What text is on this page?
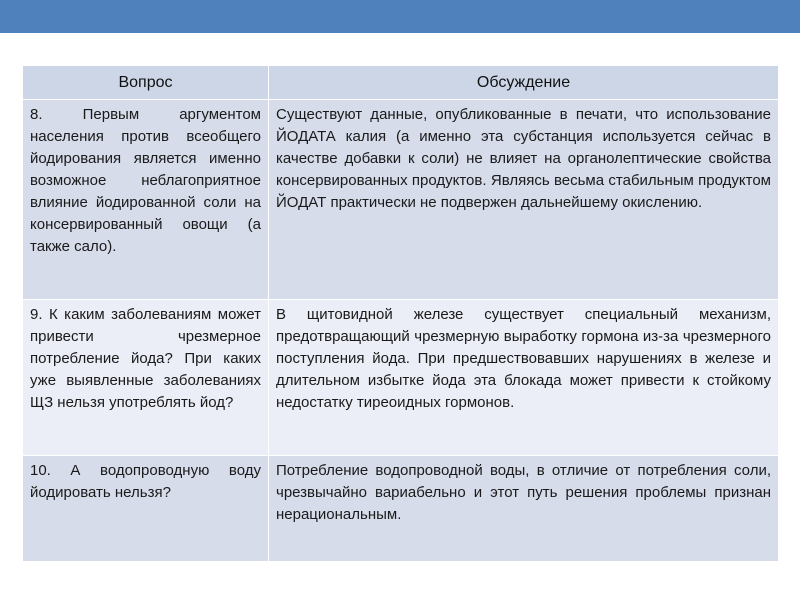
Вопрос	Обсуждение
8. Первым аргументом населения против всеобщего йодирования является именно возможное неблагоприятное влияние йодированной соли на консервированный овощи (а также сало).	Существуют данные, опубликованные в печати, что использование ЙОДАТА калия (а именно эта субстанция используется сейчас в качестве добавки к соли) не влияет на органолептические свойства консервированных продуктов. Являясь весьма стабильным продуктом ЙОДАТ практически не подвержен дальнейшему окислению.
9. К каким заболеваниям может привести чрезмерное потребление йода? При каких уже выявленные заболеваниях ЩЗ нельзя употреблять йод?	В щитовидной железе существует специальный механизм, предотвращающий чрезмерную выработку гормона из-за чрезмерного поступления йода. При предшествовавших нарушениях в железе и длительном избытке йода эта блокада может привести к стойкому недостатку тиреоидных гормонов.
10. А водопроводную воду йодировать нельзя?	Потребление водопроводной воды, в отличие от потребления соли, чрезвычайно вариабельно и этот путь решения проблемы признан нерациональным.
